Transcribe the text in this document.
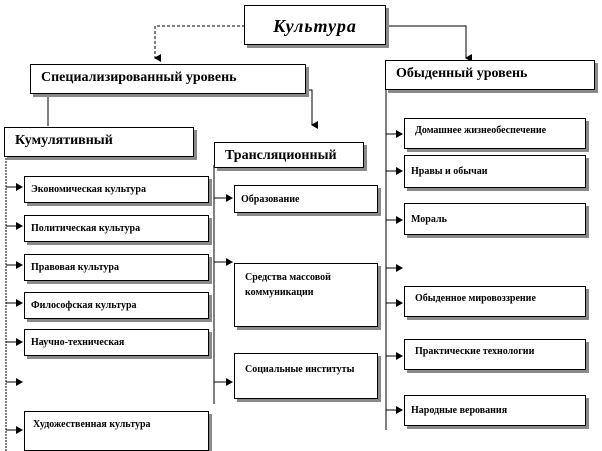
Культура
Специализированный уровень	Обыденный уровень
Кумулятивный
Трансляционный
Экономическая культура
Политическая культура
Правовая культура
Философская культура
Научно-техническая
Художественная культура
Образование
Средства массовой коммуникации
Социальные институты
Домашнее жизнеобеспечение
Нравы и обычаи
Мораль
Обыденное мировоззрение
Практические технологии
Народные верования
